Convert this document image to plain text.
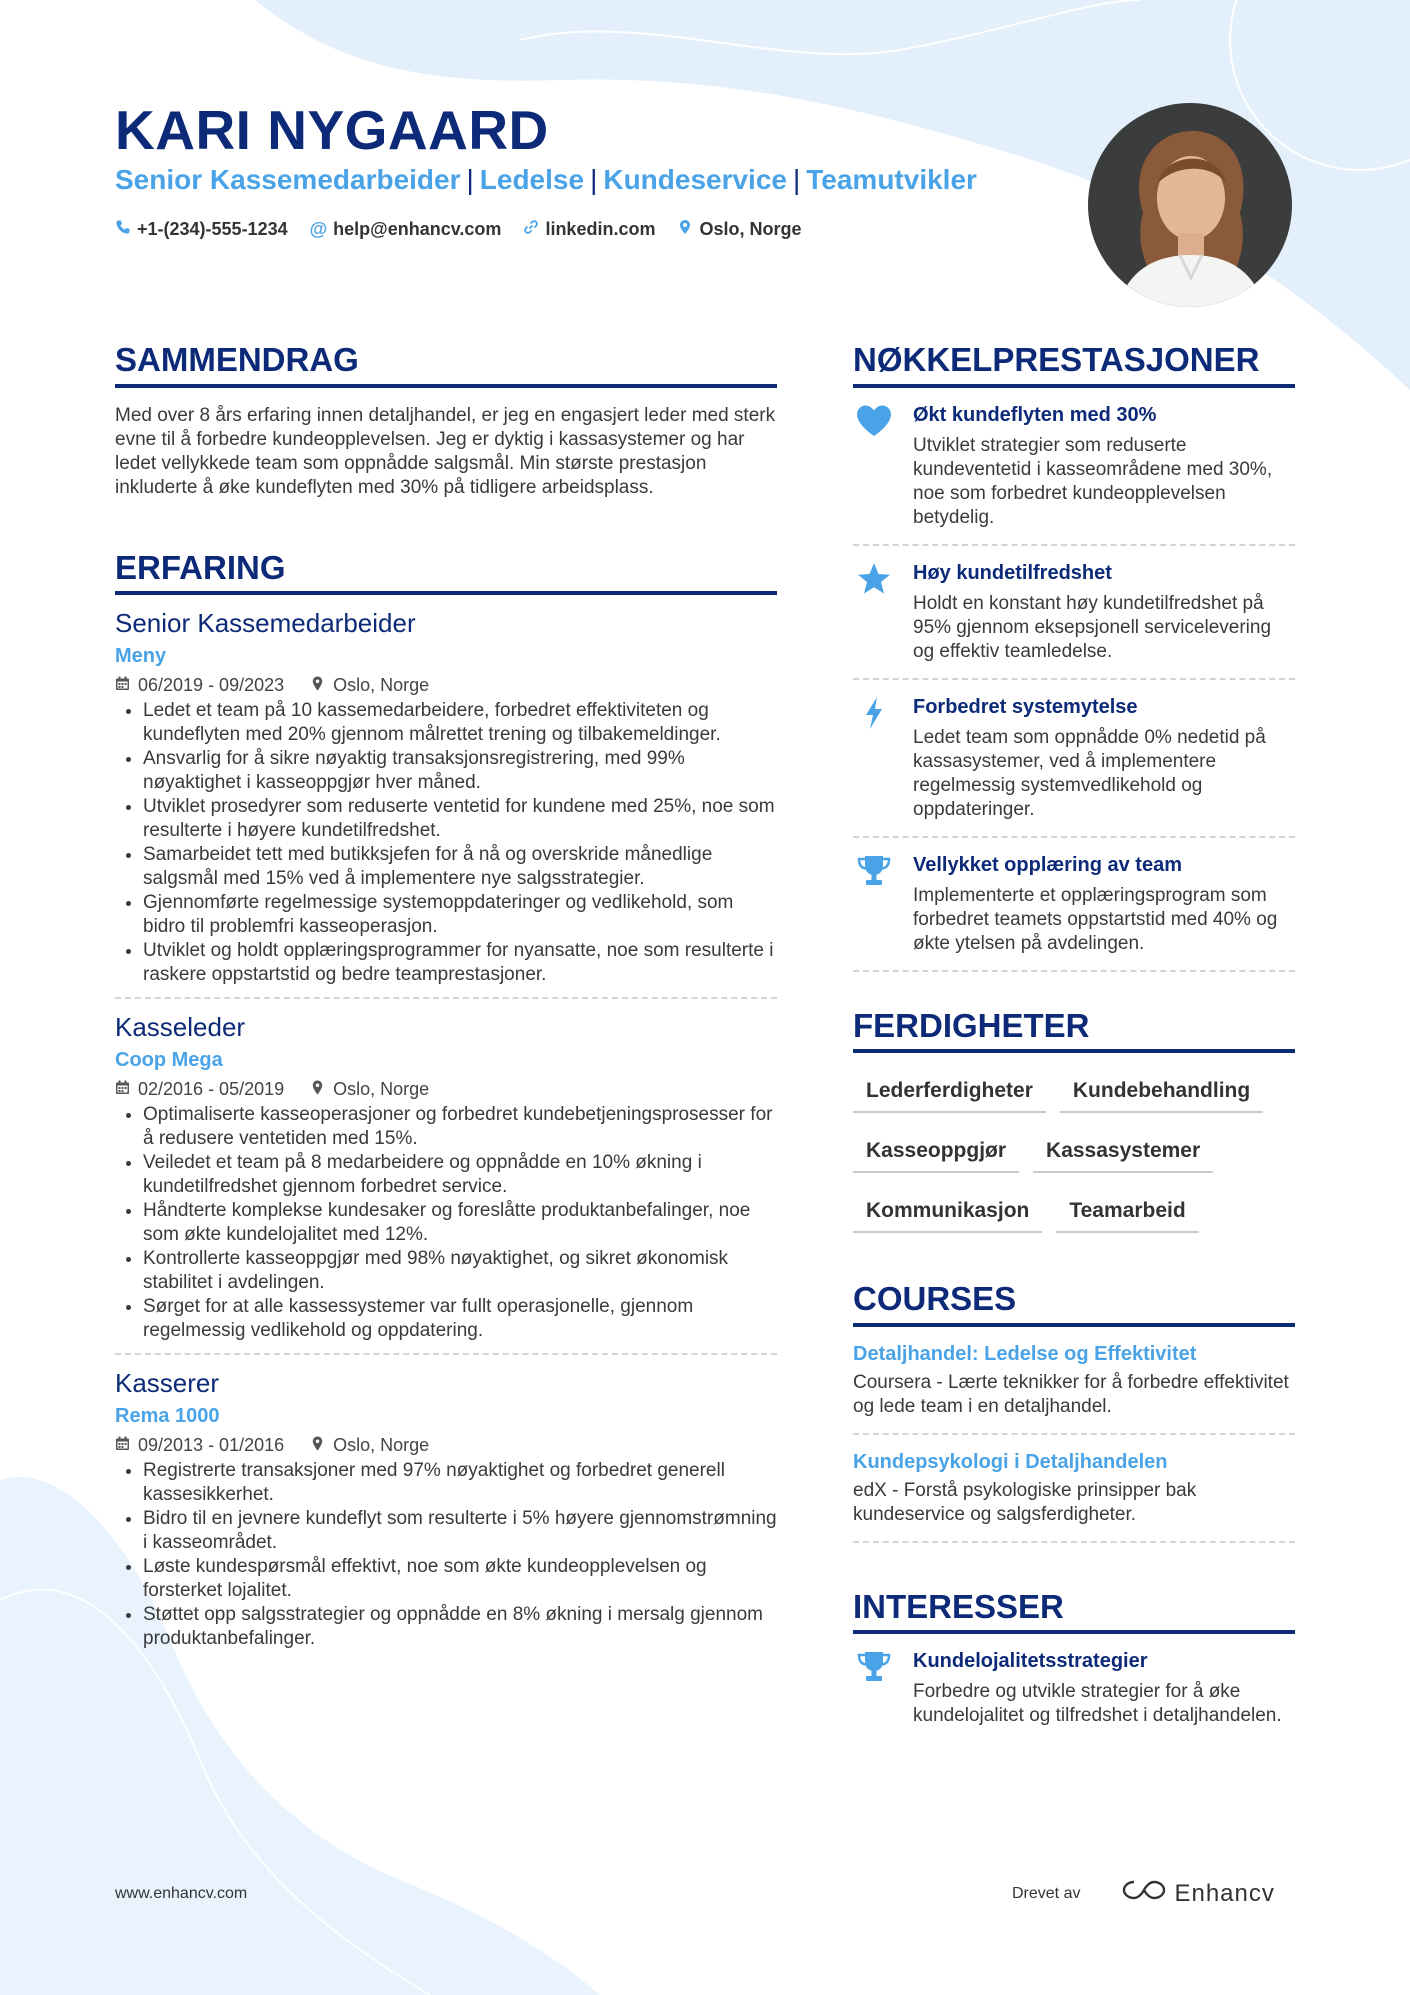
KARI NYGAARD
Senior Kassemedarbeider | Ledelse | Kundeservice | Teamutvikler
+1-(234)-555-1234 @ help@enhancv.com linkedin.com Oslo, Norge
SAMMENDRAG

Med over 8 års erfaring innen detaljhandel, er jeg en engasjert leder med sterk evne til å forbedre kundeopplevelsen. Jeg er dyktig i kassasystemer og har ledet vellykkede team som oppnådde salgsmål. Min største prestasjon inkluderte å øke kundeflyten med 30% på tidligere arbeidsplass.

ERFARING
Senior Kassemedarbeider
Meny
06/2019 - 09/2023	Oslo, Norge
• Ledet et team på 10 kassemedarbeidere, forbedret effektiviteten og kundeflyten med 20% gjennom målrettet trening og tilbakemeldinger.
• Ansvarlig for å sikre nøyaktig transaksjonsregistrering, med 99% nøyaktighet i kasseoppgjør hver måned.
• Utviklet prosedyrer som reduserte ventetid for kundene med 25%, noe som resulterte i høyere kundetilfredshet.
• Samarbeidet tett med butikksjefen for å nå og overskride månedlige salgsmål med 15% ved å implementere nye salgsstrategier.
• Gjennomførte regelmessige systemoppdateringer og vedlikehold, som bidro til problemfri kasseoperasjon.
• Utviklet og holdt opplæringsprogrammer for nyansatte, noe som resulterte i raskere oppstartstid og bedre teamprestasjoner.
Kasseleder
Coop Mega
02/2016 - 05/2019	Oslo, Norge
• Optimaliserte kasseoperasjoner og forbedret kundebetjeningsprosesser for å redusere ventetiden med 15%.
• Veiledet et team på 8 medarbeidere og oppnådde en 10% økning i kundetilfredshet gjennom forbedret service.
• Håndterte komplekse kundesaker og foreslåtte produktanbefalinger, noe som økte kundelojalitet med 12%.
• Kontrollerte kasseoppgjør med 98% nøyaktighet, og sikret økonomisk stabilitet i avdelingen.
• Sørget for at alle kassessystemer var fullt operasjonelle, gjennom regelmessig vedlikehold og oppdatering.
Kasserer
Rema 1000
09/2013 - 01/2016	Oslo, Norge
• Registrerte transaksjoner med 97% nøyaktighet og forbedret generell kassesikkerhet.
• Bidro til en jevnere kundeflyt som resulterte i 5% høyere gjennomstrømning i kasseområdet.
• Løste kundespørsmål effektivt, noe som økte kundeopplevelsen og forsterket lojalitet.
• Støttet opp salgsstrategier og oppnådde en 8% økning i mersalg gjennom produktanbefalinger.
NØKKELPRESTASJONER
Økt kundeflyten med 30%
Utviklet strategier som reduserte kundeventetid i kasseområdene med 30%, noe som forbedret kundeopplevelsen betydelig.
Høy kundetilfredshet
Holdt en konstant høy kundetilfredshet på 95% gjennom eksepsjonell servicelevering og effektiv teamledelse.
Forbedret systemytelse
Ledet team som oppnådde 0% nedetid på kassasystemer, ved å implementere regelmessig systemvedlikehold og oppdateringer.
Vellykket opplæring av team
Implementerte et opplæringsprogram som forbedret teamets oppstartstid med 40% og økte ytelsen på avdelingen.
FERDIGHETER
Lederferdigheter	Kundebehandling
Kasseoppgjør	Kassasystemer
Kommunikasjon	Teamarbeid
COURSES
Detaljhandel: Ledelse og Effektivitet
Coursera - Lærte teknikker for å forbedre effektivitet og lede team i en detaljhandel.
Kundepsykologi i Detaljhandelen
edX - Forstå psykologiske prinsipper bak kundeservice og salgsferdigheter.
INTERESSER
Kundelojalitetsstrategier
Forbedre og utvikle strategier for å øke kundelojalitet og tilfredshet i detaljhandelen.
www.enhancv.com	Drevet av	Enhancv
